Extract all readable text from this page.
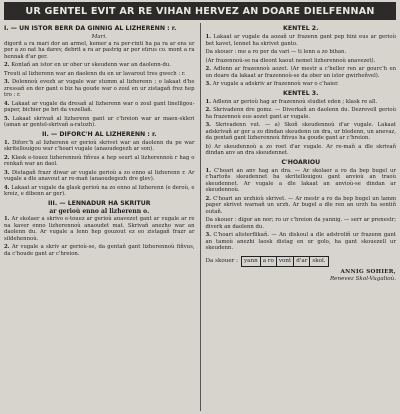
UR GENTEL EVIT AR RE VIHAN HERVEZ AN DOARE DIELFENNAN
I. — UN ISTOR BERR DA GINNIG AL LIZHERENN : r.
Mari.

digorit a ra mari dor an armel, kemer a ra per-rinti ha pa ra ar ens ur per a zo nat ha darev, debrit a ra ar pastrig ar per eürus co. mont a ra hennak d'ar ger.

2. Kontañ an istor en ur ober ur skeudenn war an daolenn-du.

Treuti al lizherenn war an daolenn du en ur lavarout tres gwech : r.

3. Dolennoù evezh ar vugale war stumm al lizherenn ; o lakaat d'he zressañ en der gant o biz ha goude war o zoul en ur zistagañ frez hep tro : r.

4. Lakaat ar vugale da dresañ al lizherenn war o zoul gant linelligou-paper, bichier pe bri da vezellañ.

5. Lakaat skrivañ al lizherenn gant ur c'hreion war ar maen-skleri (aman ar gentel-skrivañ a-ratozh).

II. — DIFORC'H AL LIZHERENN : r.

1. Diforc'h al lizherenn er gerioù skrivet war an daolenn du pe war skritellouigou war c'hoari vugale (anaoudegezh ar son).

2. Klask e-touez lizherennoù fiñvus a hep seurt al lizherennoù r hag o renkañ war an daol.

3. Distagañ frazr diwar ar vugale gerioù a zo enno al lizherenn r. Ar vugale a dle anavout ar re-mañ (anaoudegezh dre glev).

4. Lakaat ar vugale da glask gerioù na zo enno al lizherenn (e deroù, e kreiz, e dibenn ar ger).

III. — LENNADUR HA SKRITUR
ar gerioù enno al lizherenn o.

1. Ar skolaer a skrivo e-touez ar gerioù anavezet gant ar vugale ar re na kaver enno lizherennoù anaoudet mat. Skrivañ anezho war an daolenn du. Ar vugale a lenn hep gouzout ez eo zistagañ frazr ar sildehennoù.

2. Ar vugale a skriv ar gerioù-se, da gentañ gant lizherennoù fiñvus, da c'houde gant ar c'hreion.

KENTEL 2.

1. Lakaat ar vugale da aozañ ur frazenn gant pep hini eus ar gerioù bet kavet, lennet ha skrivet ganto.

Da skouer : me a ro per da vari — ti lenn a zo bihan.

(Ar frazennoù-se na dleont kaout nemet lizherennoù anavezet).

2. Adlenn ar frazennoù aozet. (Ar mestr a c'heller ren ar gourc'h en un doare da lakaat ar frazennoù-se da ober un istor gwirheñvel).

3. Ar vugale a adskriv ar frazennoù war o c'haier.

KENTEL 3.

1. Adlenn ar gerioù hag ar frazennoù studiet eden ; klask re all.

2. Skrivadenn dre gomz. — Diverkañ an daolenn du. Dezrevell gerioù ha frazennoù eus aozet gant ar vugale.

3. Skrivadenn vut. — a) Skoñ skeudennoù d'ar vugale. Lakaat adskrivañ ar ger a zo dindan skeudenn un dra, ur bledenn, un anevaz, da gentañ gant lizherennoù fiñvus ha goude gant ar c'hreion.

b) Ar skeudennoù a zo roet d'ar vugale. Ar re-mañ a dle skrivañ dindan anv an dra skeudennet.

C'HOARIOU

1. C'hoari an anv hag an dra. — Ar skolaer a ro da bep bugel ur c'hartoñs skeudennet ha skritellouigou gant anvioù an traoù skeudennet. Ar vugale a dle lakaat an anvioù-se dindan ar skeudennoù.

2. C'hoari an urzhioù skrivet. — Ar mestr a ro da bep bugel un lamm paper skrivet warnañ un urzh. Ar bugel a dle ren an urzh ha sentiñ outañ.

Da skouer : digor an nor; ro ur c'hreion da yannig. — serr ar prenestr; diverk an daolenn du.

3. C'hoari alisterflikañ. — An diskoul a dle adstroliñ ur frazenn gant an tamoù anezhi laosk distag en ur golo, ha gant skouezell ur skeudenn.

Da skouer :	yann a ro vont d'ar skol.
ANNIG SOHIER,
Renevez Skol-Vugalioù.
